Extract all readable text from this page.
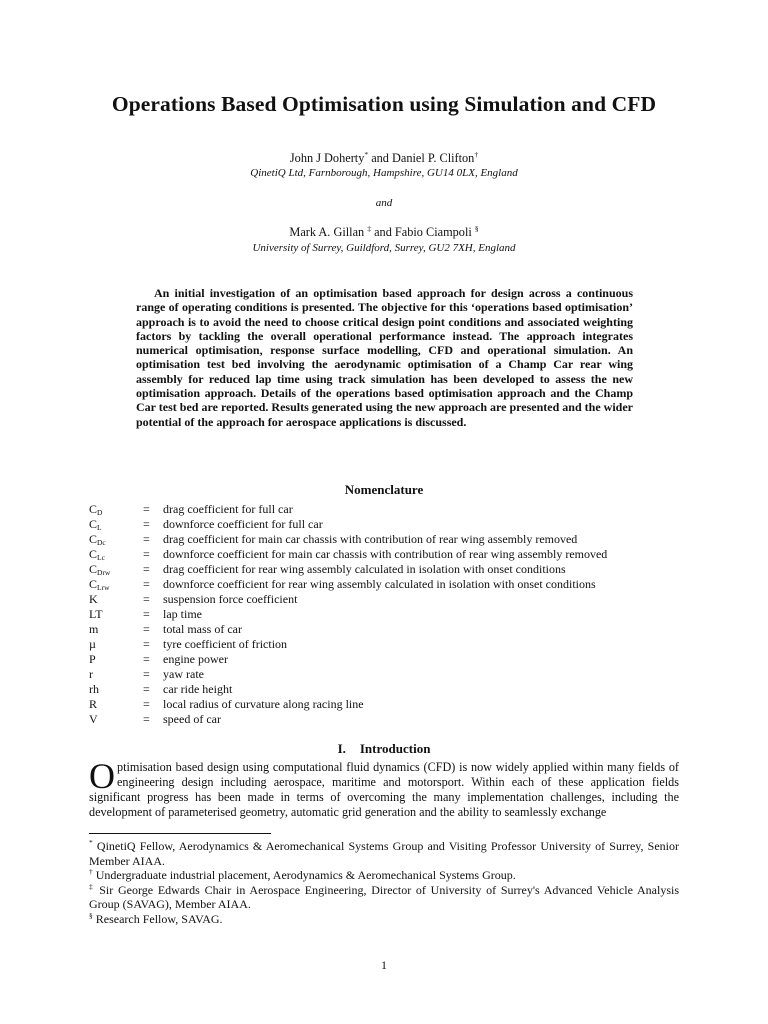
Operations Based Optimisation using Simulation and CFD
John J Doherty* and Daniel P. Clifton†
QinetiQ Ltd, Farnborough, Hampshire, GU14 0LX, England
and
Mark A. Gillan ‡ and Fabio Ciampoli §
University of Surrey, Guildford, Surrey, GU2 7XH, England
An initial investigation of an optimisation based approach for design across a continuous range of operating conditions is presented. The objective for this ‘operations based optimisation’ approach is to avoid the need to choose critical design point conditions and associated weighting factors by tackling the overall operational performance instead. The approach integrates numerical optimisation, response surface modelling, CFD and operational simulation. An optimisation test bed involving the aerodynamic optimisation of a Champ Car rear wing assembly for reduced lap time using track simulation has been developed to assess the new optimisation approach. Details of the operations based optimisation approach and the Champ Car test bed are reported. Results generated using the new approach are presented and the wider potential of the approach for aerospace applications is discussed.
Nomenclature
$C_D$	= drag coefficient for full car
$C_L$	= downforce coefficient for full car
$C_{Dc}$	= drag coefficient for main car chassis with contribution of rear wing assembly removed
$C_{Lc}$	= downforce coefficient for main car chassis with contribution of rear wing assembly removed
$C_{Drw}$	= drag coefficient for rear wing assembly calculated in isolation with onset conditions
$C_{Lrw}$	= downforce coefficient for rear wing assembly calculated in isolation with onset conditions
K	= suspension force coefficient
LT	= lap time
m	= total mass of car
µ	= tyre coefficient of friction
P	= engine power
r	= yaw rate
rh	= car ride height
R	= local radius of curvature along racing line
V	= speed of car
I. Introduction
Optimisation based design using computational fluid dynamics (CFD) is now widely applied within many fields of engineering design including aerospace, maritime and motorsport. Within each of these application fields significant progress has been made in terms of overcoming the many implementation challenges, including the development of parameterised geometry, automatic grid generation and the ability to seamlessly exchange

* QinetiQ Fellow, Aerodynamics & Aeromechanical Systems Group and Visiting Professor University of Surrey, Senior Member AIAA.

† Undergraduate industrial placement, Aerodynamics & Aeromechanical Systems Group.

‡ Sir George Edwards Chair in Aerospace Engineering, Director of University of Surrey's Advanced Vehicle Analysis Group (SAVAG), Member AIAA.

§ Research Fellow, SAVAG.

1
